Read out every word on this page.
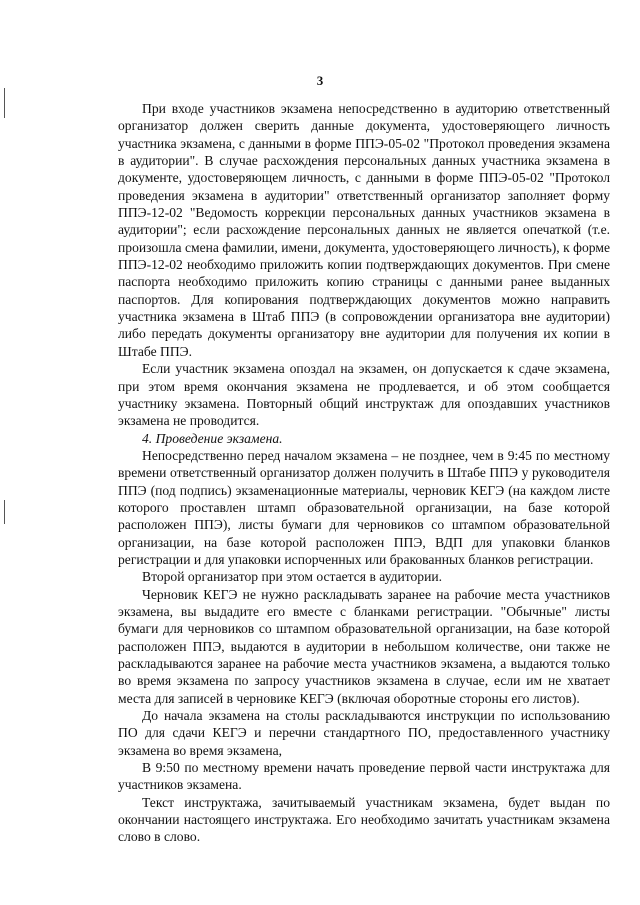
3

При входе участников экзамена непосредственно в аудиторию ответственный организатор должен сверить данные документа, удостоверяющего личность участника экзамена, с данными в форме ППЭ-05-02 "Протокол проведения экзамена в аудитории". В случае расхождения персональных данных участника экзамена в документе, удостоверяющем личность, с данными в форме ППЭ-05-02 "Протокол проведения экзамена в аудитории" ответственный организатор заполняет форму ППЭ-12-02 "Ведомость коррекции персональных данных участников экзамена в аудитории"; если расхождение персональных данных не является опечаткой (т.е. произошла смена фамилии, имени, документа, удостоверяющего личность), к форме ППЭ-12-02 необходимо приложить копии подтверждающих документов. При смене паспорта необходимо приложить копию страницы с данными ранее выданных паспортов. Для копирования подтверждающих документов можно направить участника экзамена в Штаб ППЭ (в сопровождении организатора вне аудитории) либо передать документы организатору вне аудитории для получения их копии в Штабе ППЭ.

Если участник экзамена опоздал на экзамен, он допускается к сдаче экзамена, при этом время окончания экзамена не продлевается, и об этом сообщается участнику экзамена. Повторный общий инструктаж для опоздавших участников экзамена не проводится.

4. Проведение экзамена.

Непосредственно перед началом экзамена – не позднее, чем в 9:45 по местному времени ответственный организатор должен получить в Штабе ППЭ у руководителя ППЭ (под подпись) экзаменационные материалы, черновик КЕГЭ (на каждом листе которого проставлен штамп образовательной организации, на базе которой расположен ППЭ), листы бумаги для черновиков со штампом образовательной организации, на базе которой расположен ППЭ, ВДП для упаковки бланков регистрации и для упаковки испорченных или бракованных бланков регистрации.

Второй организатор при этом остается в аудитории.

Черновик КЕГЭ не нужно раскладывать заранее на рабочие места участников экзамена, вы выдадите его вместе с бланками регистрации. "Обычные" листы бумаги для черновиков со штампом образовательной организации, на базе которой расположен ППЭ, выдаются в аудитории в небольшом количестве, они также не раскладываются заранее на рабочие места участников экзамена, а выдаются только во время экзамена по запросу участников экзамена в случае, если им не хватает места для записей в черновике КЕГЭ (включая оборотные стороны его листов).

До начала экзамена на столы раскладываются инструкции по использованию ПО для сдачи КЕГЭ и перечни стандартного ПО, предоставленного участнику экзамена во время экзамена,

В 9:50 по местному времени начать проведение первой части инструктажа для участников экзамена.

Текст инструктажа, зачитываемый участникам экзамена, будет выдан по окончании настоящего инструктажа. Его необходимо зачитать участникам экзамена слово в слово.
